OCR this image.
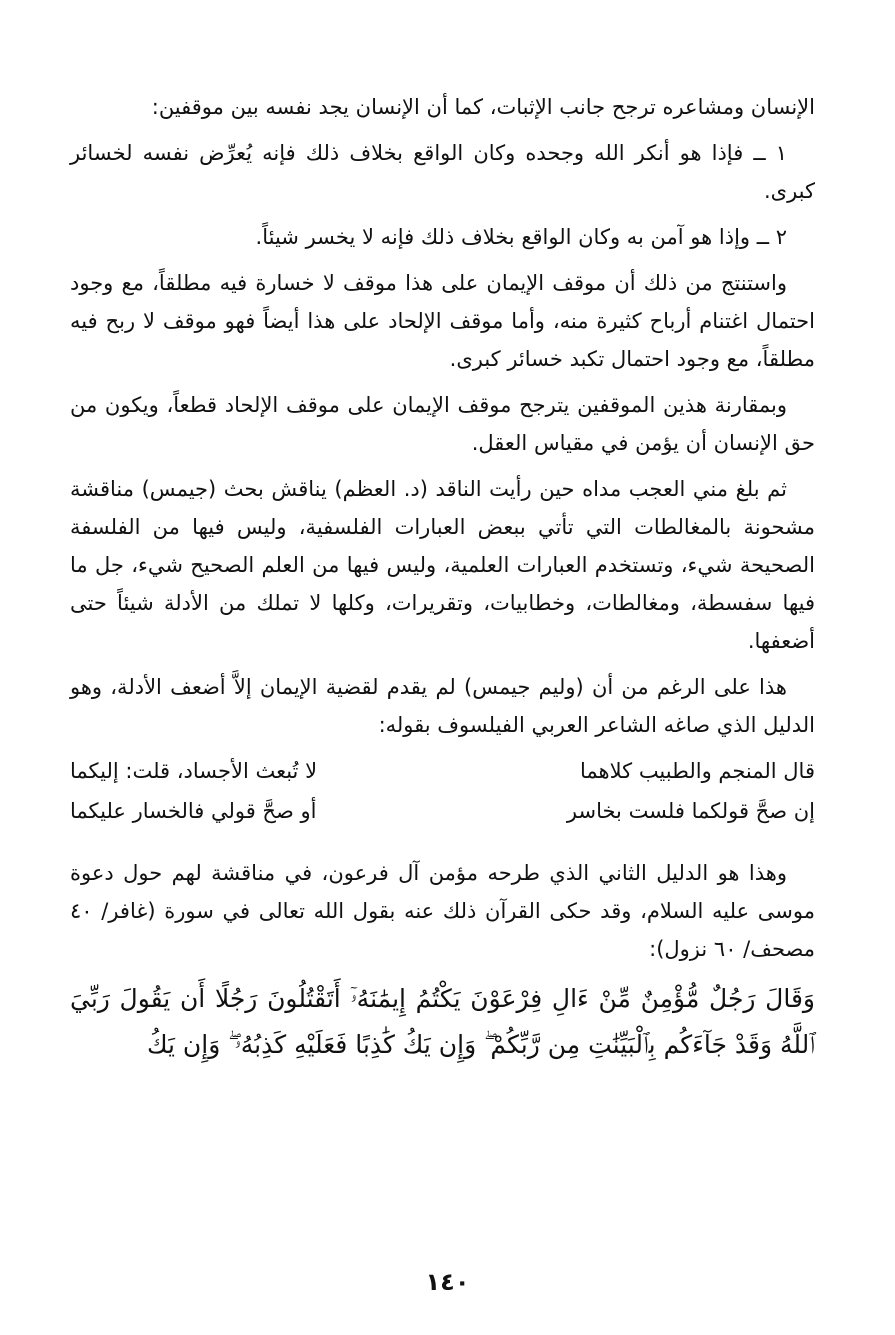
الإنسان ومشاعره ترجح جانب الإثبات، كما أن الإنسان يجد نفسه بين موقفين:

١ ــ فإذا هو أنكر الله وجحده وكان الواقع بخلاف ذلك فإنه يُعرِّض نفسه لخسائر كبرى.

٢ ــ وإذا هو آمن به وكان الواقع بخلاف ذلك فإنه لا يخسر شيئاً.

واستنتج من ذلك أن موقف الإيمان على هذا موقف لا خسارة فيه مطلقاً، مع وجود احتمال اغتنام أرباح كثيرة منه، وأما موقف الإلحاد على هذا أيضاً فهو موقف لا ربح فيه مطلقاً، مع وجود احتمال تكبد خسائر كبرى.

وبمقارنة هذين الموقفين يترجح موقف الإيمان على موقف الإلحاد قطعاً، ويكون من حق الإنسان أن يؤمن في مقياس العقل.

ثم بلغ مني العجب مداه حين رأيت الناقد (د. العظم) يناقش بحث (جيمس) مناقشة مشحونة بالمغالطات التي تأتي ببعض العبارات الفلسفية، وليس فيها من الفلسفة الصحيحة شيء، وتستخدم العبارات العلمية، وليس فيها من العلم الصحيح شيء، جل ما فيها سفسطة، ومغالطات، وخطابيات، وتقريرات، وكلها لا تملك من الأدلة شيئاً حتى أضعفها.

هذا على الرغم من أن (وليم جيمس) لم يقدم لقضية الإيمان إلاَّ أضعف الأدلة، وهو الدليل الذي صاغه الشاعر العربي الفيلسوف بقوله:

قال المنجم والطبيب كلاهما
لا تُبعث الأجساد، قلت: إليكما
إن صحَّ قولكما فلست بخاسر
أو صحَّ قولي فالخسار عليكما

وهذا هو الدليل الثاني الذي طرحه مؤمن آل فرعون، في مناقشة لهم حول دعوة موسى عليه السلام، وقد حكى القرآن ذلك عنه بقول الله تعالى في سورة (غافر/ ٤٠ مصحف/ ٦٠ نزول):

وَقَالَ رَجُلٌ مُّؤْمِنٌ مِّنْ ءَالِ فِرْعَوْنَ يَكْتُمُ إِيمَٰنَهُۥٓ أَتَقْتُلُونَ رَجُلًا أَن يَقُولَ رَبِّيَ ٱللَّهُ وَقَدْ جَآءَكُم بِٱلْبَيِّنَٰتِ مِن رَّبِّكُمْ ۖ وَإِن يَكُ كَٰذِبًا فَعَلَيْهِ كَذِبُهُۥ ۖ وَإِن يَكُ

١٤٠
